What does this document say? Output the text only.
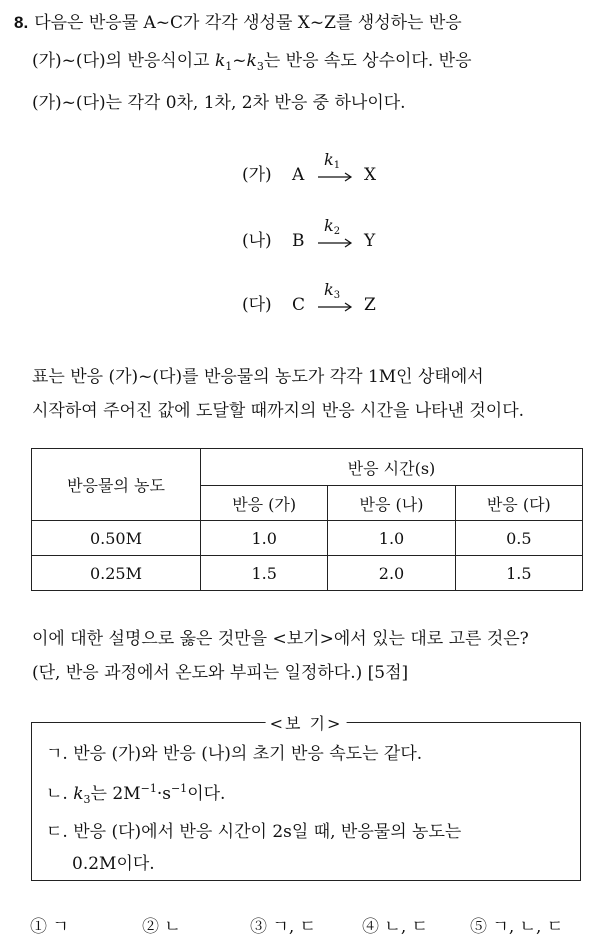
8. 다음은 반응물 A~C가 각각 생성물 X~Z를 생성하는 반응
(가)~(다)의 반응식이고 $k_1\sim k_3$는 반응 속도 상수이다. 반응
(가)~(다)는 각각 0차, 1차, 2차 반응 중 하나이다.
(가) A
$k_1$ X
(나) B
$k_2$ Y
(다) C
$k_3$ Z
표는 반응 (가)~(다)를 반응물의 농도가 각각 1M인 상태에서
시작하여 주어진 값에 도달할 때까지의 반응 시간을 나타낸 것이다.
반응물의 농도	반응 시간(s)		
	반응 (가)	반응 (나)	반응 (다)
0.50M	1.0	1.0	0.5
0.25M	1.5	2.0	1.5
이에 대한 설명으로 옳은 것만을 <보기>에서 있는 대로 고른 것은?
(단, 반응 과정에서 온도와 부피는 일정하다.) [5점]
<보 기>
ㄱ. 반응 (가)와 반응 (나)의 초기 반응 속도는 같다.
ㄴ. $k_3$는 $2M^{-1}\cdot s^{-1}$이다.
ㄷ. 반응 (다)에서 반응 시간이 2s일 때, 반응물의 농도는
0.2M이다.
① ㄱ	② ㄴ	③ ㄱ, ㄷ	④ ㄴ, ㄷ ⑤ ㄱ, ㄴ, ㄷ
